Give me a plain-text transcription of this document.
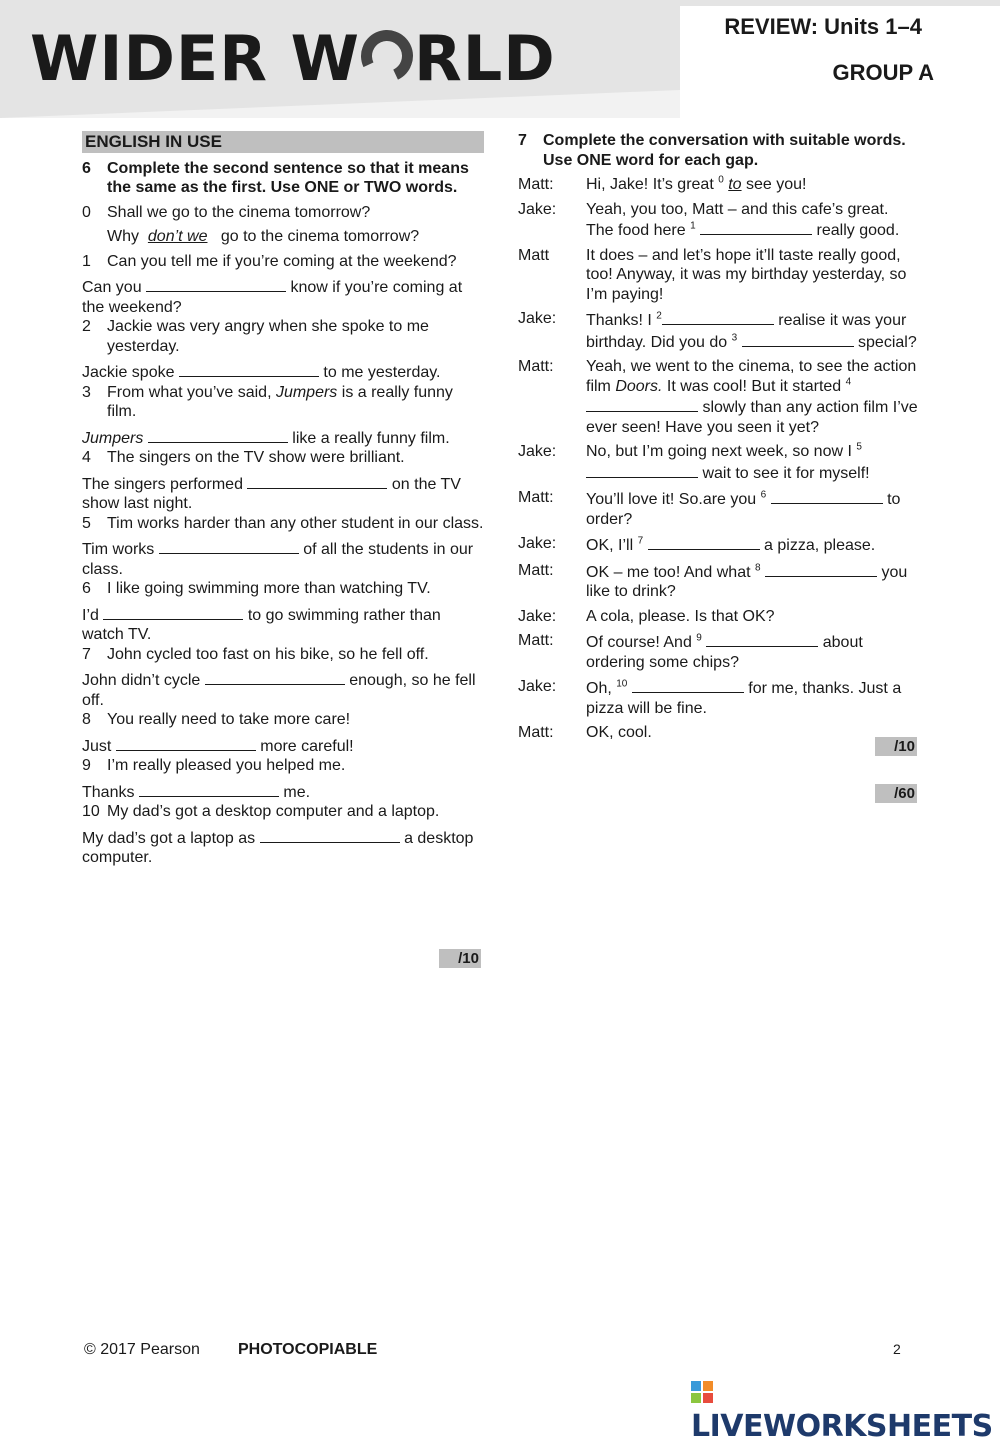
WIDER W RLD	REVIEW: Units 1–4
GROUP A
ENGLISH IN USE
6	Complete the second sentence so that it means the same as the first. Use ONE or TWO words.
0	Shall we go to the cinema tomorrow?
Why don’t we go to the cinema tomorrow?
1	Can you tell me if you’re coming at the weekend?
Can you	know if you’re coming at the weekend?
2	Jackie was very angry when she spoke to me yesterday.
Jackie spoke	to me yesterday.
3	From what you’ve said, Jumpers is a really funny film.
Jumpers	like a really funny film.
4	The singers on the TV show were brilliant.
The singers performed	on the TV show last night.
5	Tim works harder than any other student in our class.
Tim works	of all the students in our class.
6	I like going swimming more than watching TV.
I’d	to go swimming rather than watch TV.
7	John cycled too fast on his bike, so he fell off.
John didn’t cycle	enough, so he fell off.
8	You really need to take more care!
Just	more careful!
9	I’m really pleased you helped me.
Thanks	me.
10 My dad’s got a desktop computer and a laptop.
My dad’s got a laptop as	a desktop computer.
/10
7	Complete the conversation with suitable words. Use ONE word for each gap.
Matt:	Hi, Jake! It’s great $^0$ to see you!
Jake:	Yeah, you too, Matt – and this cafe’s great. The food here $^1$	really good.
Matt	It does – and let’s hope it’ll taste really good, too! Anyway, it was my birthday yesterday, so I’m paying!
Jake:	Thanks! I $^2$	realise it was your birthday. Did you do $^3$	special?
Matt:	Yeah, we went to the cinema, to see the action film Doors. It was cool! But it started $^4$  slowly than any action film I’ve ever seen! Have you seen it yet?
Jake:	No, but I’m going next week, so now I $^5$ wait to see it for myself!
Matt:	You’ll love it! So.are you $^6$	to order?
Jake:	OK, I’ll $^7$	a pizza, please.
Matt:	OK – me too! And what $^8$	you like to drink?
Jake:	A cola, please. Is that OK?
Matt:	Of course! And $^9$	about ordering some chips?
Jake:	Oh, $^{10}$	for me, thanks. Just a pizza will be fine.
Matt:	OK, cool.
/10
/60
© 2017 Pearson PHOTOCOPIABLE	2
LIVEWORKSHEETS
